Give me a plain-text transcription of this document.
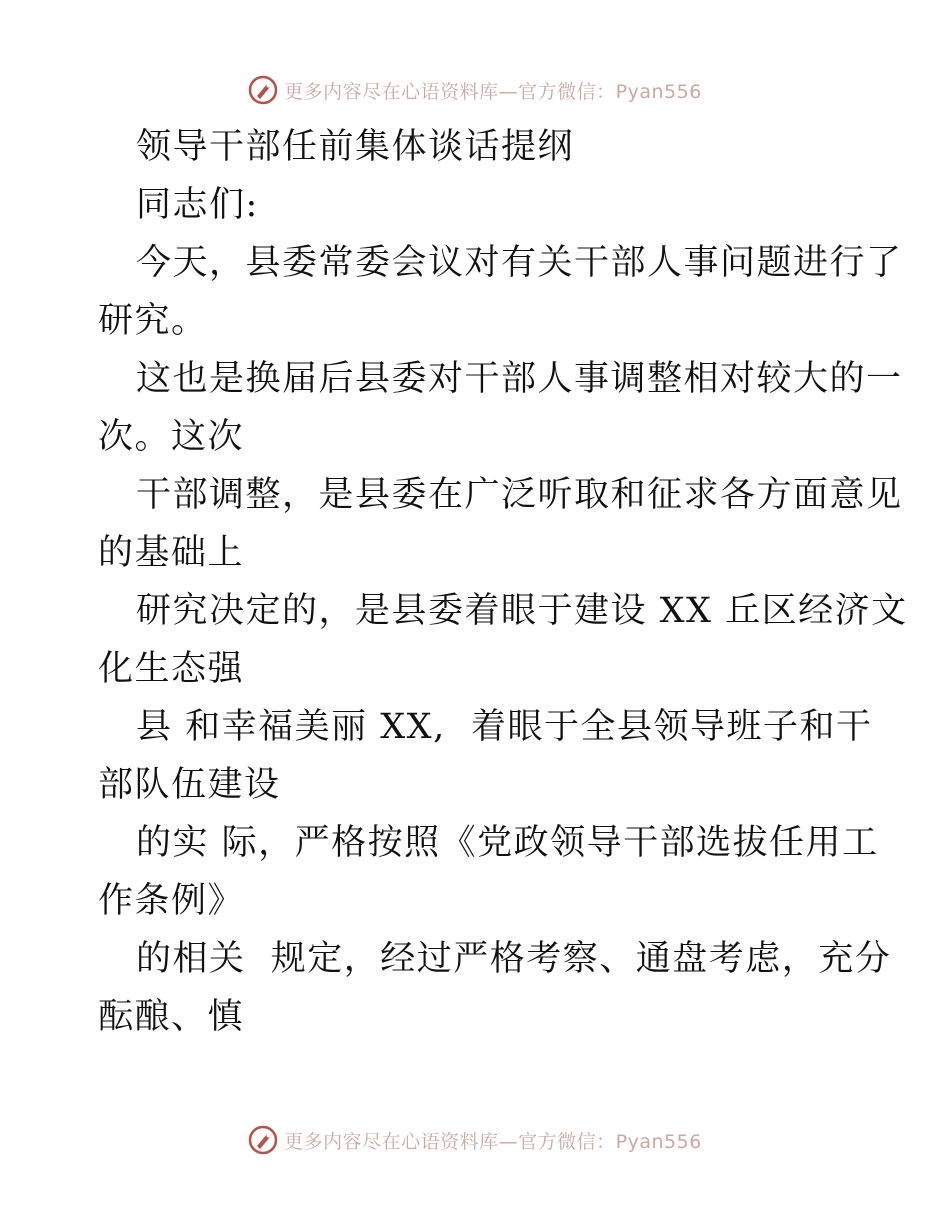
更多内容尽在心语资料库—官方微信：Pyan556
领导干部任前集体谈话提纲
同志们:
今天，县委常委会议对有关干部人事问题进行了
研究。
这也是换届后县委对干部人事调整相对较大的一
次。这次
干部调整，是县委在广泛听取和征求各方面意见
的基础上
研究决定的，是县委着眼于建设 XX 丘区经济文
化生态强
县 和幸福美丽 XX,  着眼于全县领导班子和干
部队伍建设
的实 际，严格按照《党政领导干部选拔任用工
作条例》
的相关  规定，经过严格考察、通盘考虑，充分
酝酿、慎
更多内容尽在心语资料库—官方微信：Pyan556
